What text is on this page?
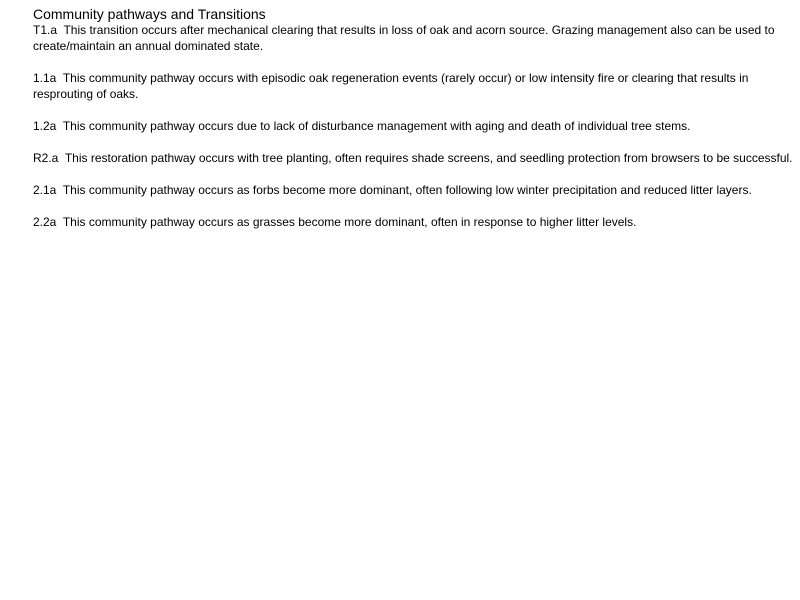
Community pathways and Transitions

T1.a This transition occurs after mechanical clearing that results in loss of oak and acorn source. Grazing management also can be used to create/maintain an annual dominated state.

1.1a This community pathway occurs with episodic oak regeneration events (rarely occur) or low intensity fire or clearing that results in resprouting of oaks.

1.2a This community pathway occurs due to lack of disturbance management with aging and death of individual tree stems.

R2.a This restoration pathway occurs with tree planting, often requires shade screens, and seedling protection from browsers to be successful.

2.1a  This community pathway occurs as forbs become more dominant, often following low winter precipitation and reduced litter layers.

2.2a  This community pathway occurs as grasses become more dominant, often in response to higher litter levels.
